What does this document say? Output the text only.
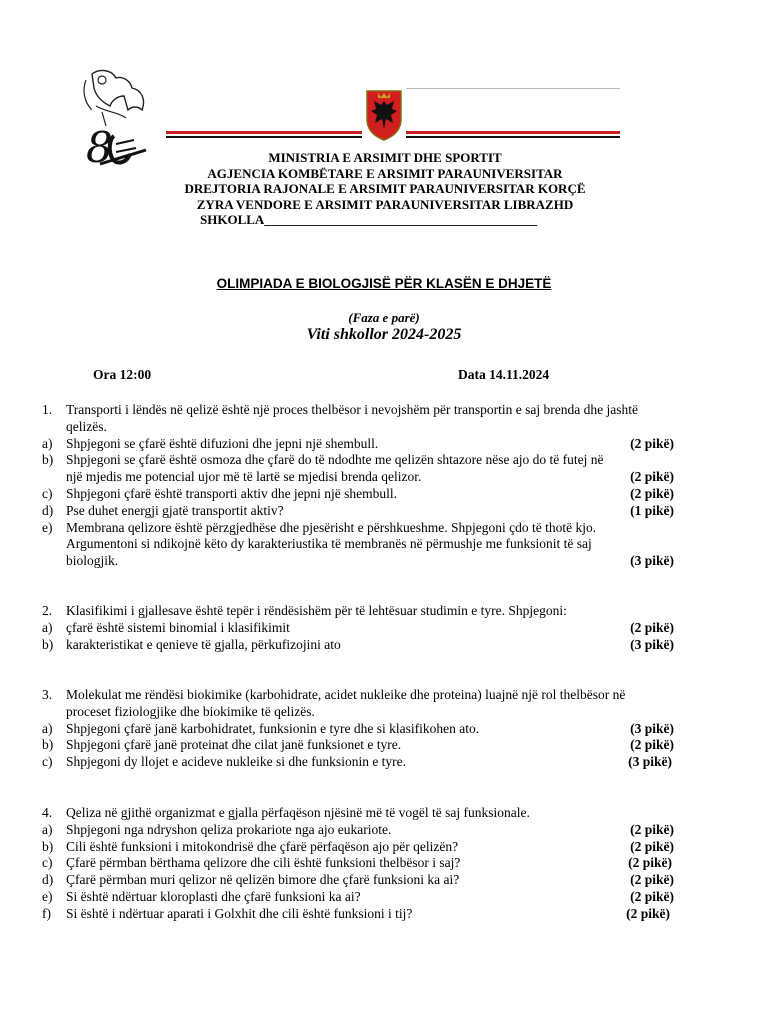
8	MINISTRIA E ARSIMIT DHE SPORTIT
AGJENCIA KOMBËTARE E ARSIMIT PARAUNIVERSITAR
DREJTORIA RAJONALE E ARSIMIT PARAUNIVERSITAR KORÇË
ZYRA VENDORE E ARSIMIT PARAUNIVERSITAR LIBRAZHD
SHKOLLA__________________________________________
OLIMPIADA E BIOLOGJISË PËR KLASËN E DHJETË
(Faza e parë)
Viti shkollor 2024-2025
Ora 12:00	Data 14.11.2024
1.	Transporti i lëndës në qelizë është një proces thelbësor i nevojshëm për transportin e saj brenda dhe jashtë qelizës.
a)	Shpjegoni se çfarë është difuzioni dhe jepni një shembull.	(2 pikë)
b) Shpjegoni se çfarë është osmoza dhe çfarë do të ndodhte me qelizën shtazore nëse ajo do të futej në një mjedis me potencial ujor më të lartë se mjedisi brenda qelizor.	(2 pikë)
c)	Shpjegoni çfarë është transporti aktiv dhe jepni një shembull.	(2 pikë)
d) Pse duhet energji gjatë transportit aktiv?	(1 pikë)
e)	Membrana qelizore është përzgjedhëse dhe pjesërisht e përshkueshme. Shpjegoni çdo të thotë kjo. Argumentoni si ndikojnë këto dy karakteriustika të membranës në përmushje me funksionit të saj biologjik.	(3 pikë)
2.	Klasifikimi i gjallesave është tepër i rëndësishëm për të lehtësuar studimin e tyre. Shpjegoni:
a)	çfarë është sistemi binomial i klasifikimit	(2 pikë)
b) karakteristikat e qenieve të gjalla, përkufizojini ato	(3 pikë)
3.	Molekulat me rëndësi biokimike (karbohidrate, acidet nukleike dhe proteina) luajnë një rol thelbësor në proceset fiziologjike dhe biokimike të qelizës.
a)	Shpjegoni çfarë janë karbohidratet, funksionin e tyre dhe si klasifikohen ato.	(3 pikë)
b) Shpjegoni çfarë janë proteinat dhe cilat janë funksionet e tyre.	(2 pikë)
c)	Shpjegoni dy llojet e acideve nukleike si dhe funksionin e tyre.	(3 pikë)
4.	Qeliza në gjithë organizmat e gjalla përfaqëson njësinë më të vogël të saj funksionale.
a)	Shpjegoni nga ndryshon qeliza prokariote nga ajo eukariote.	(2 pikë)
b) Cili është funksioni i mitokondrisë dhe çfarë përfaqëson ajo për qelizën?	(2 pikë)
c)	Çfarë përmban bërthama qelizore dhe cili është funksioni thelbësor i saj?	(2 pikë)
d) Çfarë përmban muri qelizor në qelizën bimore dhe çfarë funksioni ka ai?	(2 pikë)
e)	Si është ndërtuar kloroplasti dhe çfarë funksioni ka ai?	(2 pikë)
f)	Si është i ndërtuar aparati i Golxhit dhe cili është funksioni i tij?	(2 pikë)
